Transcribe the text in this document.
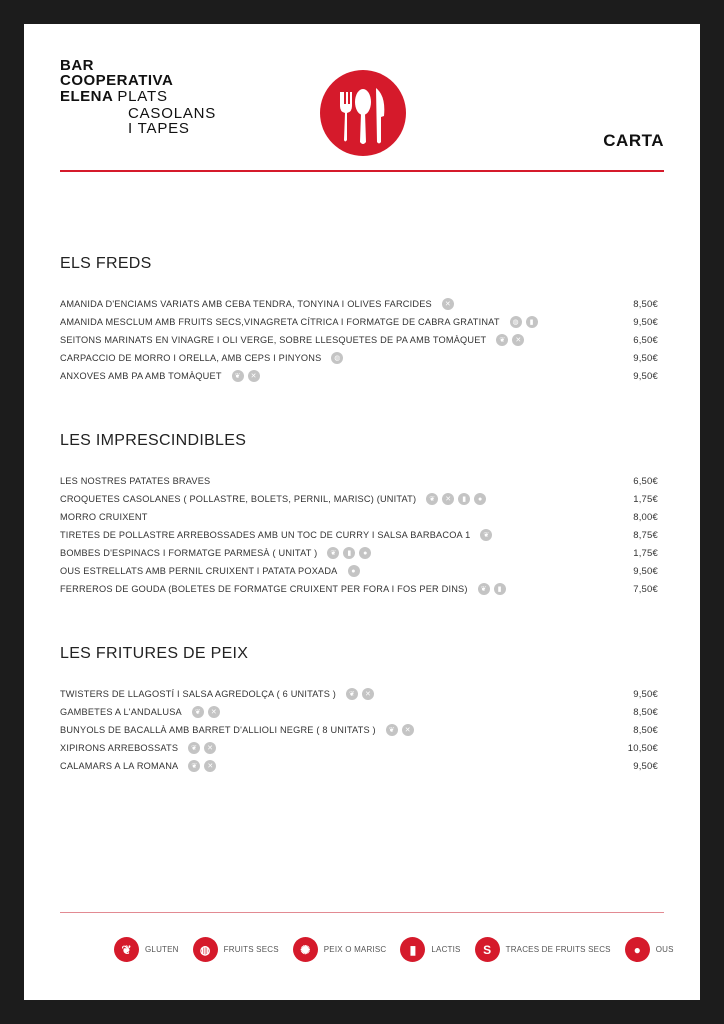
BAR
COOPERATIVA
ELENA PLATS
CASOLANS
I TAPES
CARTA
ELS FREDS
AMANIDA D'ENCIAMS VARIATS AMB CEBA TENDRA, TONYINA I OLIVES FARCIDES	✕	8,50€
AMANIDA MESCLUM AMB FRUITS SECS,VINAGRETA CÍTRICA I FORMATGE DE CABRA GRATINAT	◍	▮	9,50€
SEITONS MARINATS EN VINAGRE I OLI VERGE, SOBRE LLESQUETES DE PA AMB TOMÀQUET	❦	✕	6,50€
CARPACCIO DE MORRO I ORELLA, AMB CEPS I PINYONS	◍	9,50€
ANXOVES AMB PA AMB TOMÀQUET	❦	✕	9,50€
LES IMPRESCINDIBLES
LES NOSTRES PATATES BRAVES	6,50€
CROQUETES CASOLANES ( POLLASTRE, BOLETS, PERNIL, MARISC) (UNITAT)	❦	✕	▮	●	1,75€
MORRO CRUIXENT	8,00€
TIRETES DE POLLASTRE ARREBOSSADES AMB UN TOC DE CURRY I SALSA BARBACOA 1	❦	8,75€
BOMBES D'ESPINACS I FORMATGE PARMESÀ ( UNITAT )	❦	▮	●	1,75€
OUS ESTRELLATS AMB PERNIL CRUIXENT I PATATA POXADA	●	9,50€
FERREROS DE GOUDA (BOLETES DE FORMATGE CRUIXENT PER FORA I FOS PER DINS)	❦	▮	7,50€
LES FRITURES DE PEIX
TWISTERS DE LLAGOSTÍ I SALSA AGREDOLÇA ( 6 UNITATS )	❦	✕	9,50€
GAMBETES A L'ANDALUSA	❦	✕	8,50€
BUNYOLS DE BACALLÀ AMB BARRET D'ALLIOLI NEGRE ( 8 UNITATS )	❦	✕	8,50€
XIPIRONS ARREBOSSATS	❦	✕	10,50€
CALAMARS A LA ROMANA	❦	✕	9,50€
❦ GLUTEN ◍ FRUITS SECS ✺ PEIX O MARISC ▮ LACTIS S TRACES DE FRUITS SECS ● OUS
